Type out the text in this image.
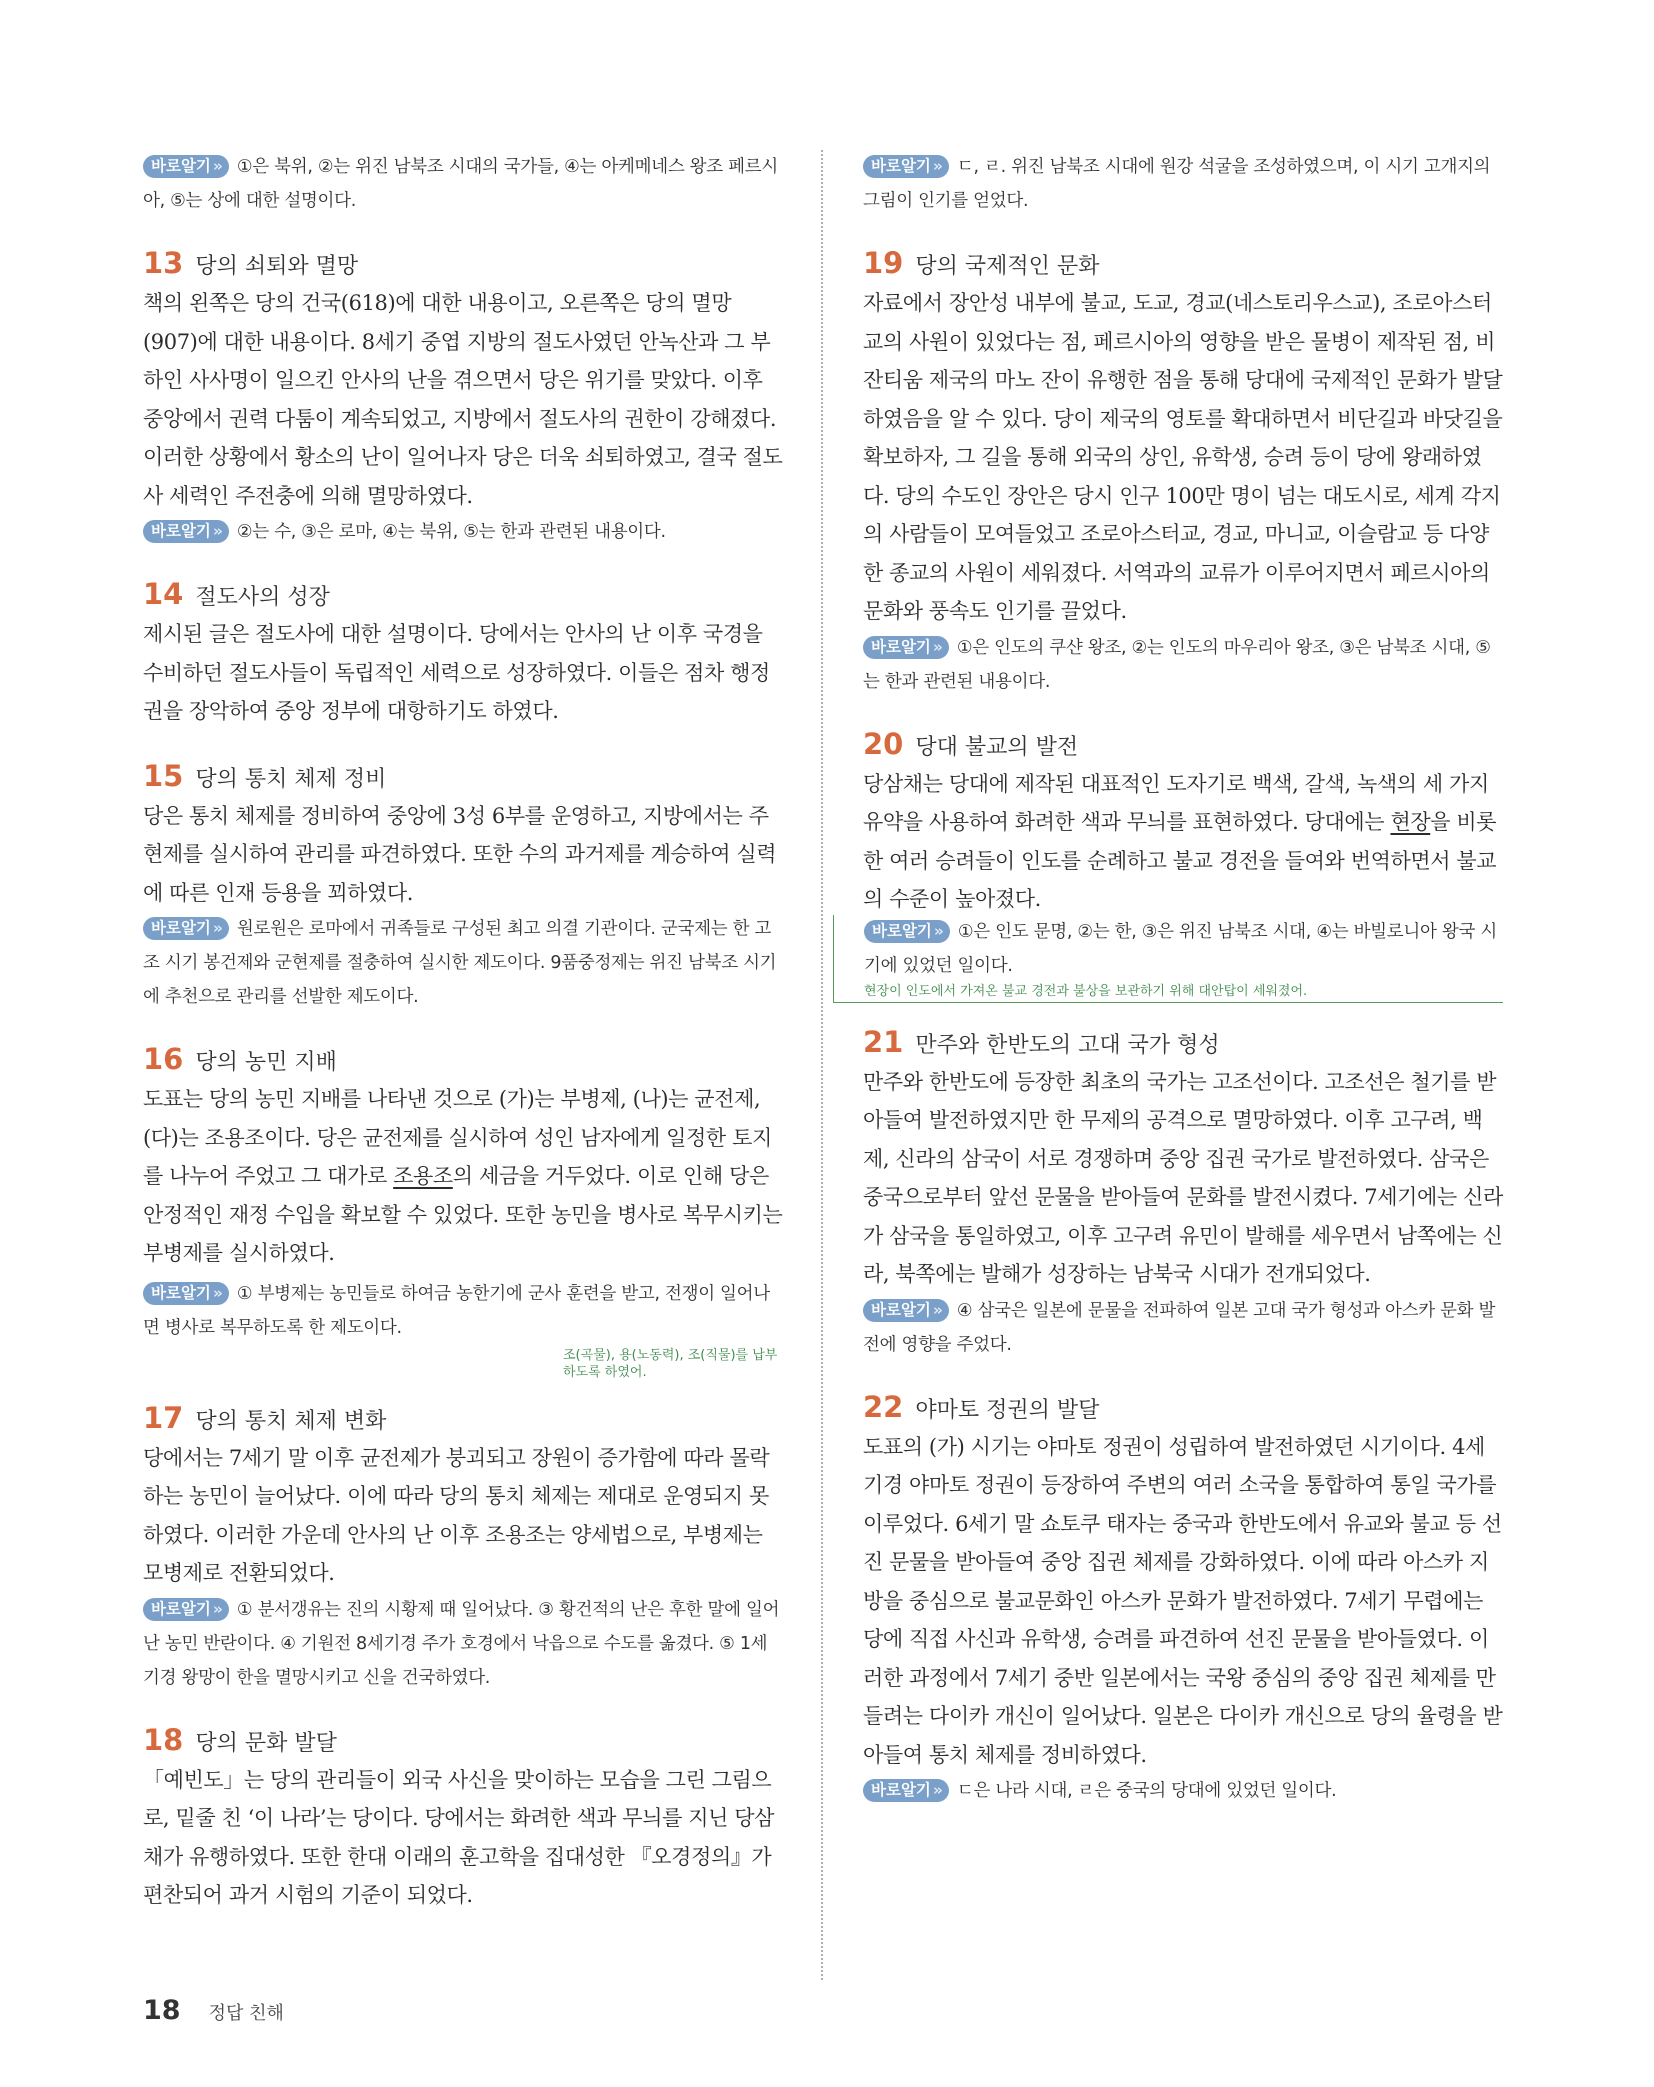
바로알기 » ①은 북위, ②는 위진 남북조 시대의 국가들, ④는 아케메네스 왕조 페르시아, ⑤는 상에 대한 설명이다.
13 당의 쇠퇴와 멸망
책의 왼쪽은 당의 건국(618)에 대한 내용이고, 오른쪽은 당의 멸망(907)에 대한 내용이다. 8세기 중엽 지방의 절도사였던 안녹산과 그 부하인 사사명이 일으킨 안사의 난을 겪으면서 당은 위기를 맞았다. 이후 중앙에서 권력 다툼이 계속되었고, 지방에서 절도사의 권한이 강해졌다. 이러한 상황에서 황소의 난이 일어나자 당은 더욱 쇠퇴하였고, 결국 절도사 세력인 주전충에 의해 멸망하였다.
바로알기 » ②는 수, ③은 로마, ④는 북위, ⑤는 한과 관련된 내용이다.
14 절도사의 성장
제시된 글은 절도사에 대한 설명이다. 당에서는 안사의 난 이후 국경을 수비하던 절도사들이 독립적인 세력으로 성장하였다. 이들은 점차 행정권을 장악하여 중앙 정부에 대항하기도 하였다.
15 당의 통치 체제 정비
당은 통치 체제를 정비하여 중앙에 3성 6부를 운영하고, 지방에서는 주현제를 실시하여 관리를 파견하였다. 또한 수의 과거제를 계승하여 실력에 따른 인재 등용을 꾀하였다.
바로알기 » 원로원은 로마에서 귀족들로 구성된 최고 의결 기관이다. 군국제는 한 고조 시기 봉건제와 군현제를 절충하여 실시한 제도이다. 9품중정제는 위진 남북조 시기에 추천으로 관리를 선발한 제도이다.
16 당의 농민 지배
도표는 당의 농민 지배를 나타낸 것으로 (가)는 부병제, (나)는 균전제, (다)는 조용조이다. 당은 균전제를 실시하여 성인 남자에게 일정한 토지를 나누어 주었고 그 대가로 조용조의 세금을 거두었다. 이로 인해 당은 안정적인 재정 수입을 확보할 수 있었다. 또한 농민을 병사로 복무시키는 부병제를 실시하였다.
바로알기 » ① 부병제는 농민들로 하여금 농한기에 군사 훈련을 받고, 전쟁이 일어나면 병사로 복무하도록 한 제도이다.
조(곡물), 용(노동력), 조(직물)를 납부하도록 하였어.
17 당의 통치 체제 변화
당에서는 7세기 말 이후 균전제가 붕괴되고 장원이 증가함에 따라 몰락하는 농민이 늘어났다. 이에 따라 당의 통치 체제는 제대로 운영되지 못하였다. 이러한 가운데 안사의 난 이후 조용조는 양세법으로, 부병제는 모병제로 전환되었다.
바로알기 » ① 분서갱유는 진의 시황제 때 일어났다. ③ 황건적의 난은 후한 말에 일어난 농민 반란이다. ④ 기원전 8세기경 주가 호경에서 낙읍으로 수도를 옮겼다. ⑤ 1세기경 왕망이 한을 멸망시키고 신을 건국하였다.
18 당의 문화 발달
「예빈도」는 당의 관리들이 외국 사신을 맞이하는 모습을 그린 그림으로, 밑줄 친 ‘이 나라’는 당이다. 당에서는 화려한 색과 무늬를 지닌 당삼채가 유행하였다. 또한 한대 이래의 훈고학을 집대성한 『오경정의』가 편찬되어 과거 시험의 기준이 되었다.
바로알기 » ㄷ, ㄹ. 위진 남북조 시대에 원강 석굴을 조성하였으며, 이 시기 고개지의 그림이 인기를 얻었다.
19 당의 국제적인 문화
자료에서 장안성 내부에 불교, 도교, 경교(네스토리우스교), 조로아스터교의 사원이 있었다는 점, 페르시아의 영향을 받은 물병이 제작된 점, 비잔티움 제국의 마노 잔이 유행한 점을 통해 당대에 국제적인 문화가 발달하였음을 알 수 있다. 당이 제국의 영토를 확대하면서 비단길과 바닷길을 확보하자, 그 길을 통해 외국의 상인, 유학생, 승려 등이 당에 왕래하였다. 당의 수도인 장안은 당시 인구 100만 명이 넘는 대도시로, 세계 각지의 사람들이 모여들었고 조로아스터교, 경교, 마니교, 이슬람교 등 다양한 종교의 사원이 세워졌다. 서역과의 교류가 이루어지면서 페르시아의 문화와 풍속도 인기를 끌었다.
바로알기 » ①은 인도의 쿠샨 왕조, ②는 인도의 마우리아 왕조, ③은 남북조 시대, ⑤는 한과 관련된 내용이다.
20 당대 불교의 발전
당삼채는 당대에 제작된 대표적인 도자기로 백색, 갈색, 녹색의 세 가지 유약을 사용하여 화려한 색과 무늬를 표현하였다. 당대에는 현장을 비롯한 여러 승려들이 인도를 순례하고 불교 경전을 들여와 번역하면서 불교의 수준이 높아졌다.
바로알기 » ①은 인도 문명, ②는 한, ③은 위진 남북조 시대, ④는 바빌로니아 왕국 시기에 있었던 일이다.
현장이 인도에서 가져온 불교 경전과 불상을 보관하기 위해 대안탑이 세워졌어.
21 만주와 한반도의 고대 국가 형성
만주와 한반도에 등장한 최초의 국가는 고조선이다. 고조선은 철기를 받아들여 발전하였지만 한 무제의 공격으로 멸망하였다. 이후 고구려, 백제, 신라의 삼국이 서로 경쟁하며 중앙 집권 국가로 발전하였다. 삼국은 중국으로부터 앞선 문물을 받아들여 문화를 발전시켰다. 7세기에는 신라가 삼국을 통일하였고, 이후 고구려 유민이 발해를 세우면서 남쪽에는 신라, 북쪽에는 발해가 성장하는 남북국 시대가 전개되었다.
바로알기 » ④ 삼국은 일본에 문물을 전파하여 일본 고대 국가 형성과 아스카 문화 발전에 영향을 주었다.
22 야마토 정권의 발달
도표의 (가) 시기는 야마토 정권이 성립하여 발전하였던 시기이다. 4세기경 야마토 정권이 등장하여 주변의 여러 소국을 통합하여 통일 국가를 이루었다. 6세기 말 쇼토쿠 태자는 중국과 한반도에서 유교와 불교 등 선진 문물을 받아들여 중앙 집권 체제를 강화하였다. 이에 따라 아스카 지방을 중심으로 불교문화인 아스카 문화가 발전하였다. 7세기 무렵에는 당에 직접 사신과 유학생, 승려를 파견하여 선진 문물을 받아들였다. 이러한 과정에서 7세기 중반 일본에서는 국왕 중심의 중앙 집권 체제를 만들려는 다이카 개신이 일어났다. 일본은 다이카 개신으로 당의 율령을 받아들여 통치 체제를 정비하였다.
바로알기 » ㄷ은 나라 시대, ㄹ은 중국의 당대에 있었던 일이다.
18 정답 친해
